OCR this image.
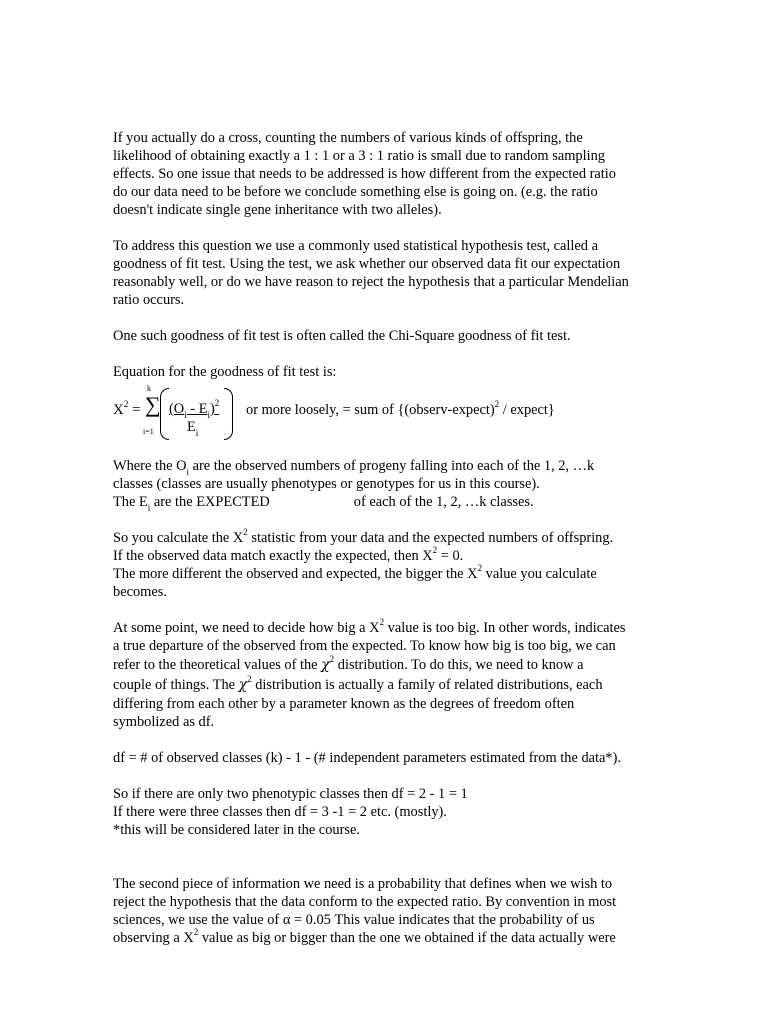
If you actually do a cross, counting the numbers of various kinds of offspring, the
likelihood of obtaining exactly a 1 : 1 or a 3 : 1 ratio is small due to random sampling
effects. So one issue that needs to be addressed is how different from the expected ratio
do our data need to be before we conclude something else is going on. (e.g. the ratio
doesn't indicate single gene inheritance with two alleles).
To address this question we use a commonly used statistical hypothesis test, called a
goodness of fit test. Using the test, we ask whether our observed data fit our expectation
reasonably well, or do we have reason to reject the hypothesis that a particular Mendelian
ratio occurs.
One such goodness of fit test is often called the Chi-Square goodness of fit test.
Equation for the goodness of fit test is:
$X^2$ =
k
∑
i=1
$(O_i - E_i)^2$
$E_i$
or more loosely, = sum of {(observ-expect)$^2$ / expect}
Where the $O_i$ are the observed numbers of progeny falling into each of the 1, 2, …k
classes (classes are usually phenotypes or genotypes for us in this course).
The $E_i$ are the EXPECTED	of each of the 1, 2, …k classes.
So you calculate the $X^2$ statistic from your data and the expected numbers of offspring.
If the observed data match exactly the expected, then $X^2 = 0$.
The more different the observed and expected, the bigger the $X^2$ value you calculate
becomes.
At some point, we need to decide how big a $X^2$ value is too big. In other words, indicates
a true departure of the observed from the expected. To know how big is too big, we can
refer to the theoretical values of the $\chi^2$ distribution. To do this, we need to know a
couple of things. The $\chi^2$ distribution is actually a family of related distributions, each
differing from each other by a parameter known as the degrees of freedom often
symbolized as df.
df = # of observed classes (k) - 1 - (# independent parameters estimated from the data*).
So if there are only two phenotypic classes then df = 2 - 1 = 1
If there were three classes then df = 3 -1 = 2 etc. (mostly).
*this will be considered later in the course.
The second piece of information we need is a probability that defines when we wish to
reject the hypothesis that the data conform to the expected ratio. By convention in most
sciences, we use the value of α = 0.05 This value indicates that the probability of us
observing a $X^2$ value as big or bigger than the one we obtained if the data actually were
